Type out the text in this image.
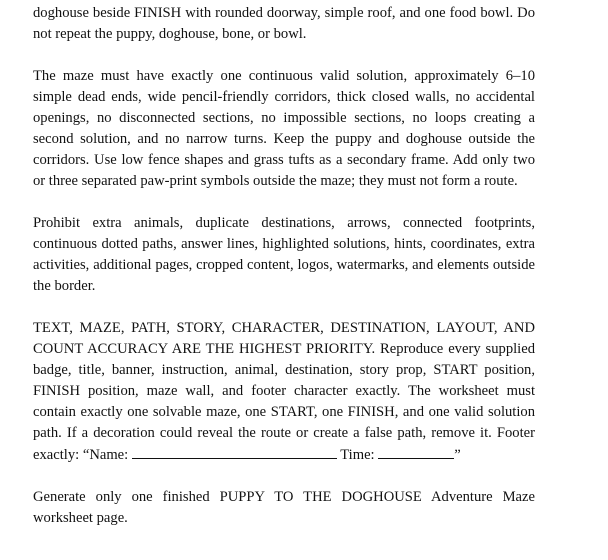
doghouse beside FINISH with rounded doorway, simple roof, and one food bowl. Do not repeat the puppy, doghouse, bone, or bowl.

The maze must have exactly one continuous valid solution, approximately 6–10 simple dead ends, wide pencil-friendly corridors, thick closed walls, no accidental openings, no disconnected sections, no impossible sections, no loops creating a second solution, and no narrow turns. Keep the puppy and doghouse outside the corridors. Use low fence shapes and grass tufts as a secondary frame. Add only two or three separated paw-print symbols outside the maze; they must not form a route.

Prohibit extra animals, duplicate destinations, arrows, connected footprints, continuous dotted paths, answer lines, highlighted solutions, hints, coordinates, extra activities, additional pages, cropped content, logos, watermarks, and elements outside the border.

TEXT, MAZE, PATH, STORY, CHARACTER, DESTINATION, LAYOUT, AND COUNT ACCURACY ARE THE HIGHEST PRIORITY. Reproduce every supplied badge, title, banner, instruction, animal, destination, story prop, START position, FINISH position, maze wall, and footer character exactly. The worksheet must contain exactly one solvable maze, one START, one FINISH, and one valid solution path. If a decoration could reveal the route or create a false path, remove it. Footer exactly: “Name:	Time:	”

Generate only one finished PUPPY TO THE DOGHOUSE Adventure Maze worksheet page.
